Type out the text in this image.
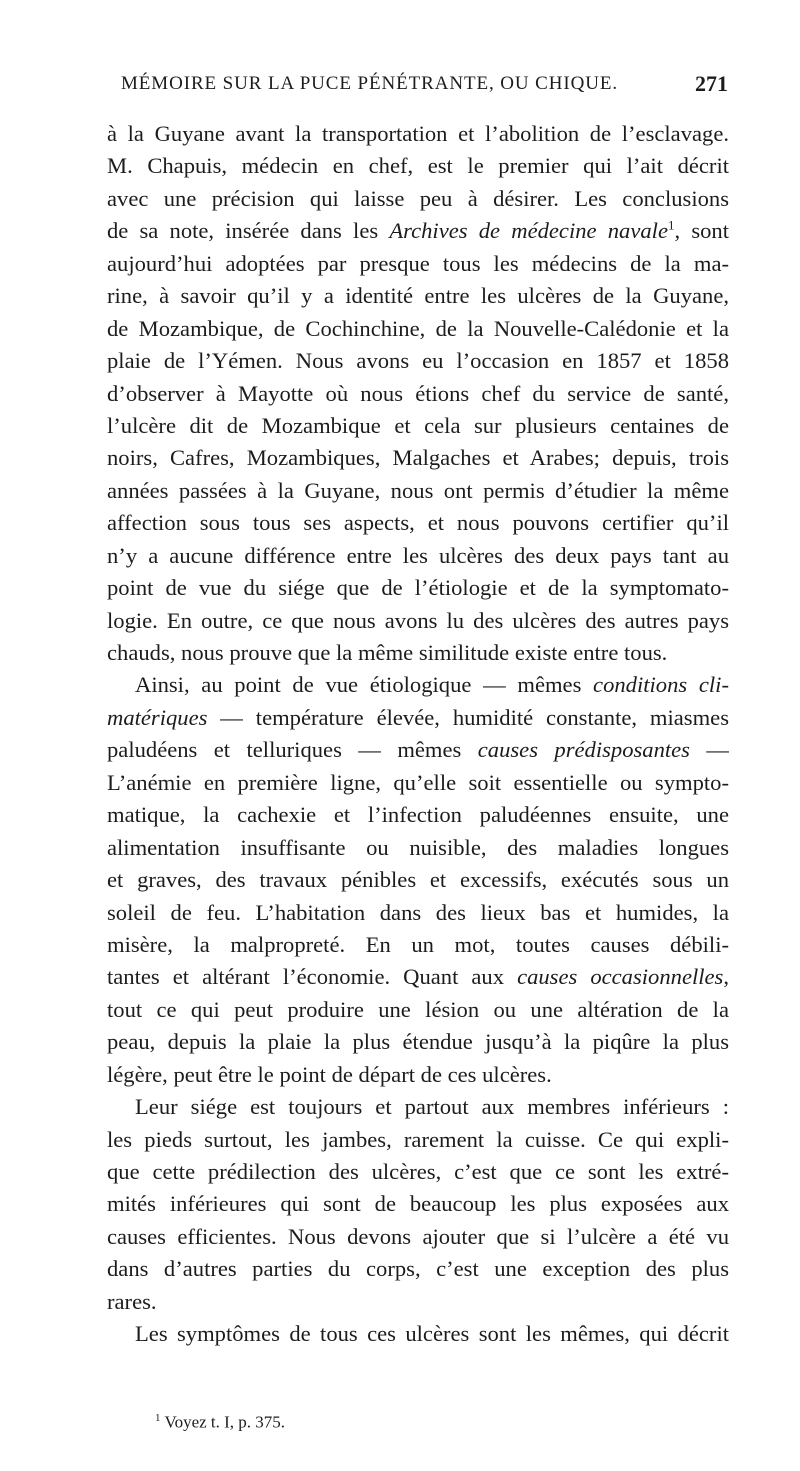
MÉMOIRE SUR LA PUCE PÉNÉTRANTE, OU CHIQUE.	271
à la Guyane avant la transportation et l’abolition de l’esclavage.
M. Chapuis, médecin en chef, est le premier qui l’ait décrit
avec une précision qui laisse peu à désirer. Les conclusions
de sa note, insérée dans les Archives de médecine navale$^1$, sont
aujourd’hui adoptées par presque tous les médecins de la ma-
rine, à savoir qu’il y a identité entre les ulcères de la Guyane,
de Mozambique, de Cochinchine, de la Nouvelle-Calédonie et la
plaie de l’Yémen. Nous avons eu l’occasion en 1857 et 1858
d’observer à Mayotte où nous étions chef du service de santé,
l’ulcère dit de Mozambique et cela sur plusieurs centaines de
noirs, Cafres, Mozambiques, Malgaches et Arabes; depuis, trois
années passées à la Guyane, nous ont permis d’étudier la même
affection sous tous ses aspects, et nous pouvons certifier qu’il
n’y a aucune différence entre les ulcères des deux pays tant au
point de vue du siége que de l’étiologie et de la symptomato-
logie. En outre, ce que nous avons lu des ulcères des autres pays
chauds, nous prouve que la même similitude existe entre tous.
Ainsi, au point de vue étiologique — mêmes conditions cli-
matériques — température élevée, humidité constante, miasmes
paludéens et telluriques — mêmes causes prédisposantes —
L’anémie en première ligne, qu’elle soit essentielle ou sympto-
matique, la cachexie et l’infection paludéennes ensuite, une
alimentation insuffisante ou nuisible, des maladies longues
et graves, des travaux pénibles et excessifs, exécutés sous un
soleil de feu. L’habitation dans des lieux bas et humides, la
misère, la malpropreté. En un mot, toutes causes débili-
tantes et altérant l’économie. Quant aux causes occasionnelles,
tout ce qui peut produire une lésion ou une altération de la
peau, depuis la plaie la plus étendue jusqu’à la piqûre la plus
légère, peut être le point de départ de ces ulcères.
Leur siége est toujours et partout aux membres inférieurs :
les pieds surtout, les jambes, rarement la cuisse. Ce qui expli-
que cette prédilection des ulcères, c’est que ce sont les extré-
mités inférieures qui sont de beaucoup les plus exposées aux
causes efficientes. Nous devons ajouter que si l’ulcère a été vu
dans d’autres parties du corps, c’est une exception des plus
rares.
Les symptômes de tous ces ulcères sont les mêmes, qui décrit
$^1$ Voyez t. I, p. 375.
